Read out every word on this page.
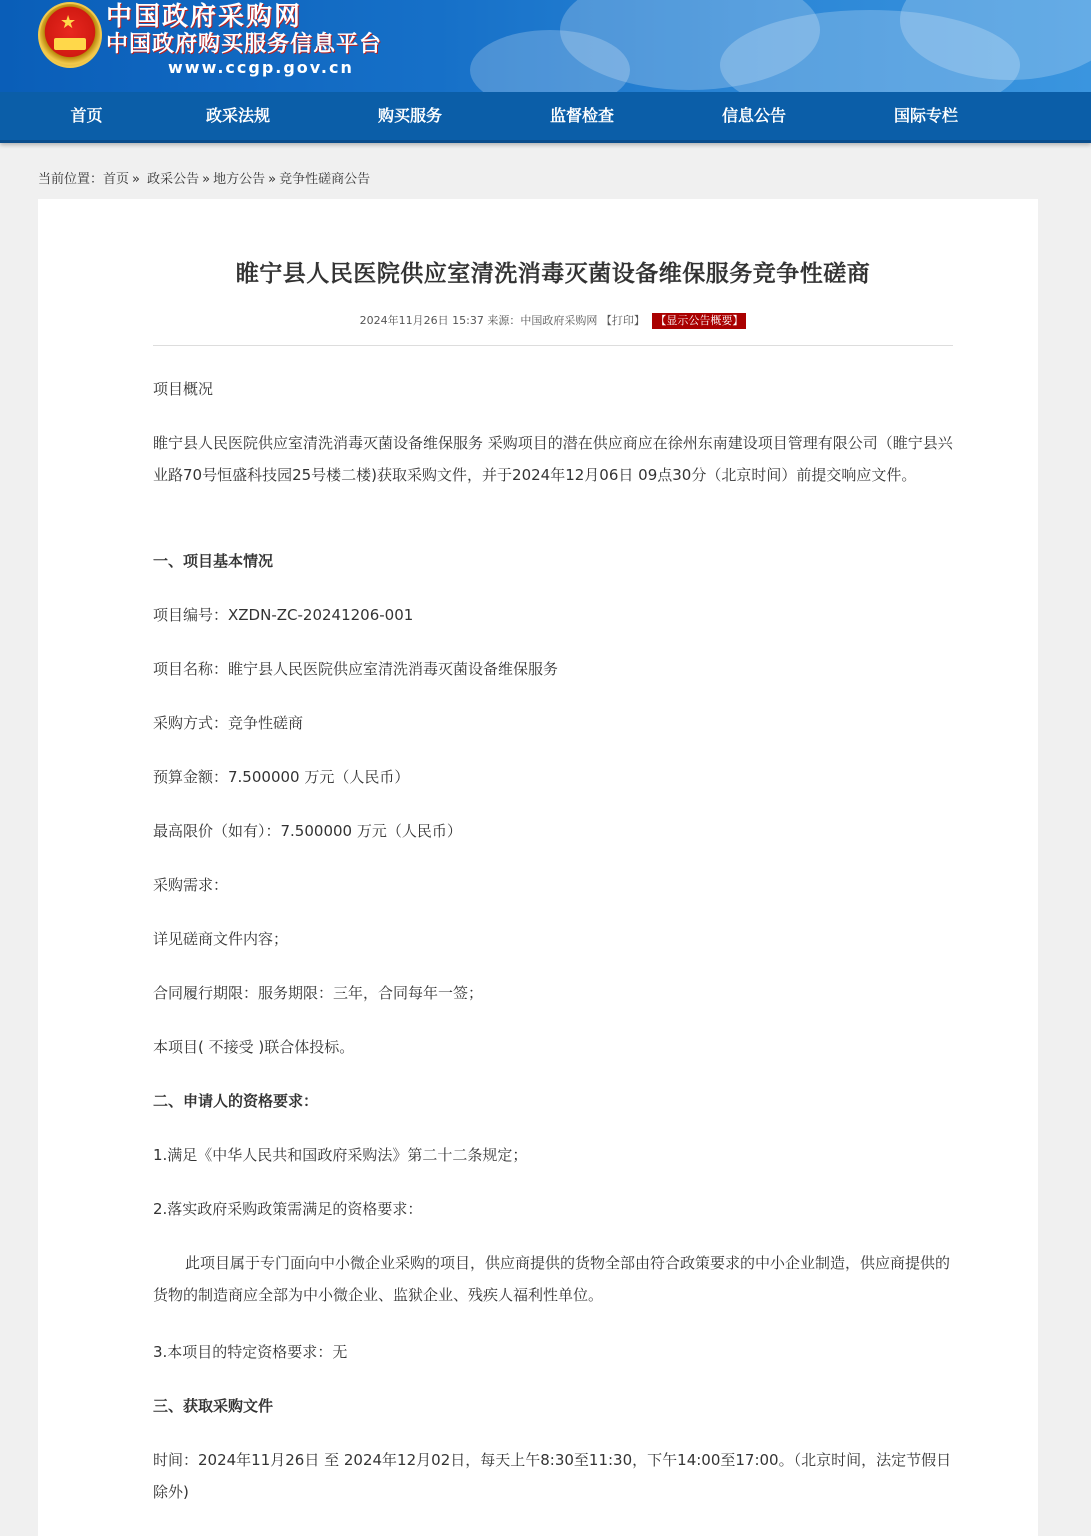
★ 中国政府采购网
中国政府购买服务信息平台
www.ccgp.gov.cn
首页	政采法规	购买服务	监督检查	信息公告	国际专栏
当前位置：首页 » 政采公告 » 地方公告 » 竞争性磋商公告
睢宁县人民医院供应室清洗消毒灭菌设备维保服务竞争性磋商
2024年11月26日 15:37 来源：中国政府采购网 【打印】 【显示公告概要】
项目概况
睢宁县人民医院供应室清洗消毒灭菌设备维保服务 采购项目的潜在供应商应在徐州东南建设项目管理有限公司（睢宁县兴业路70号恒盛科技园25号楼二楼)获取采购文件，并于2024年12月06日 09点30分（北京时间）前提交响应文件。
一、项目基本情况
项目编号：XZDN-ZC-20241206-001
项目名称：睢宁县人民医院供应室清洗消毒灭菌设备维保服务
采购方式：竞争性磋商
预算金额：7.500000 万元（人民币）
最高限价（如有）：7.500000 万元（人民币）
采购需求：
详见磋商文件内容；
合同履行期限：服务期限：三年，合同每年一签；
本项目( 不接受 )联合体投标。
二、申请人的资格要求：
1.满足《中华人民共和国政府采购法》第二十二条规定；
2.落实政府采购政策需满足的资格要求：
此项目属于专门面向中小微企业采购的项目，供应商提供的货物全部由符合政策要求的中小企业制造，供应商提供的货物的制造商应全部为中小微企业、监狱企业、残疾人福利性单位。
3.本项目的特定资格要求：无
三、获取采购文件
时间：2024年11月26日 至 2024年12月02日，每天上午8:30至11:30，下午14:00至17:00。（北京时间，法定节假日除外)
